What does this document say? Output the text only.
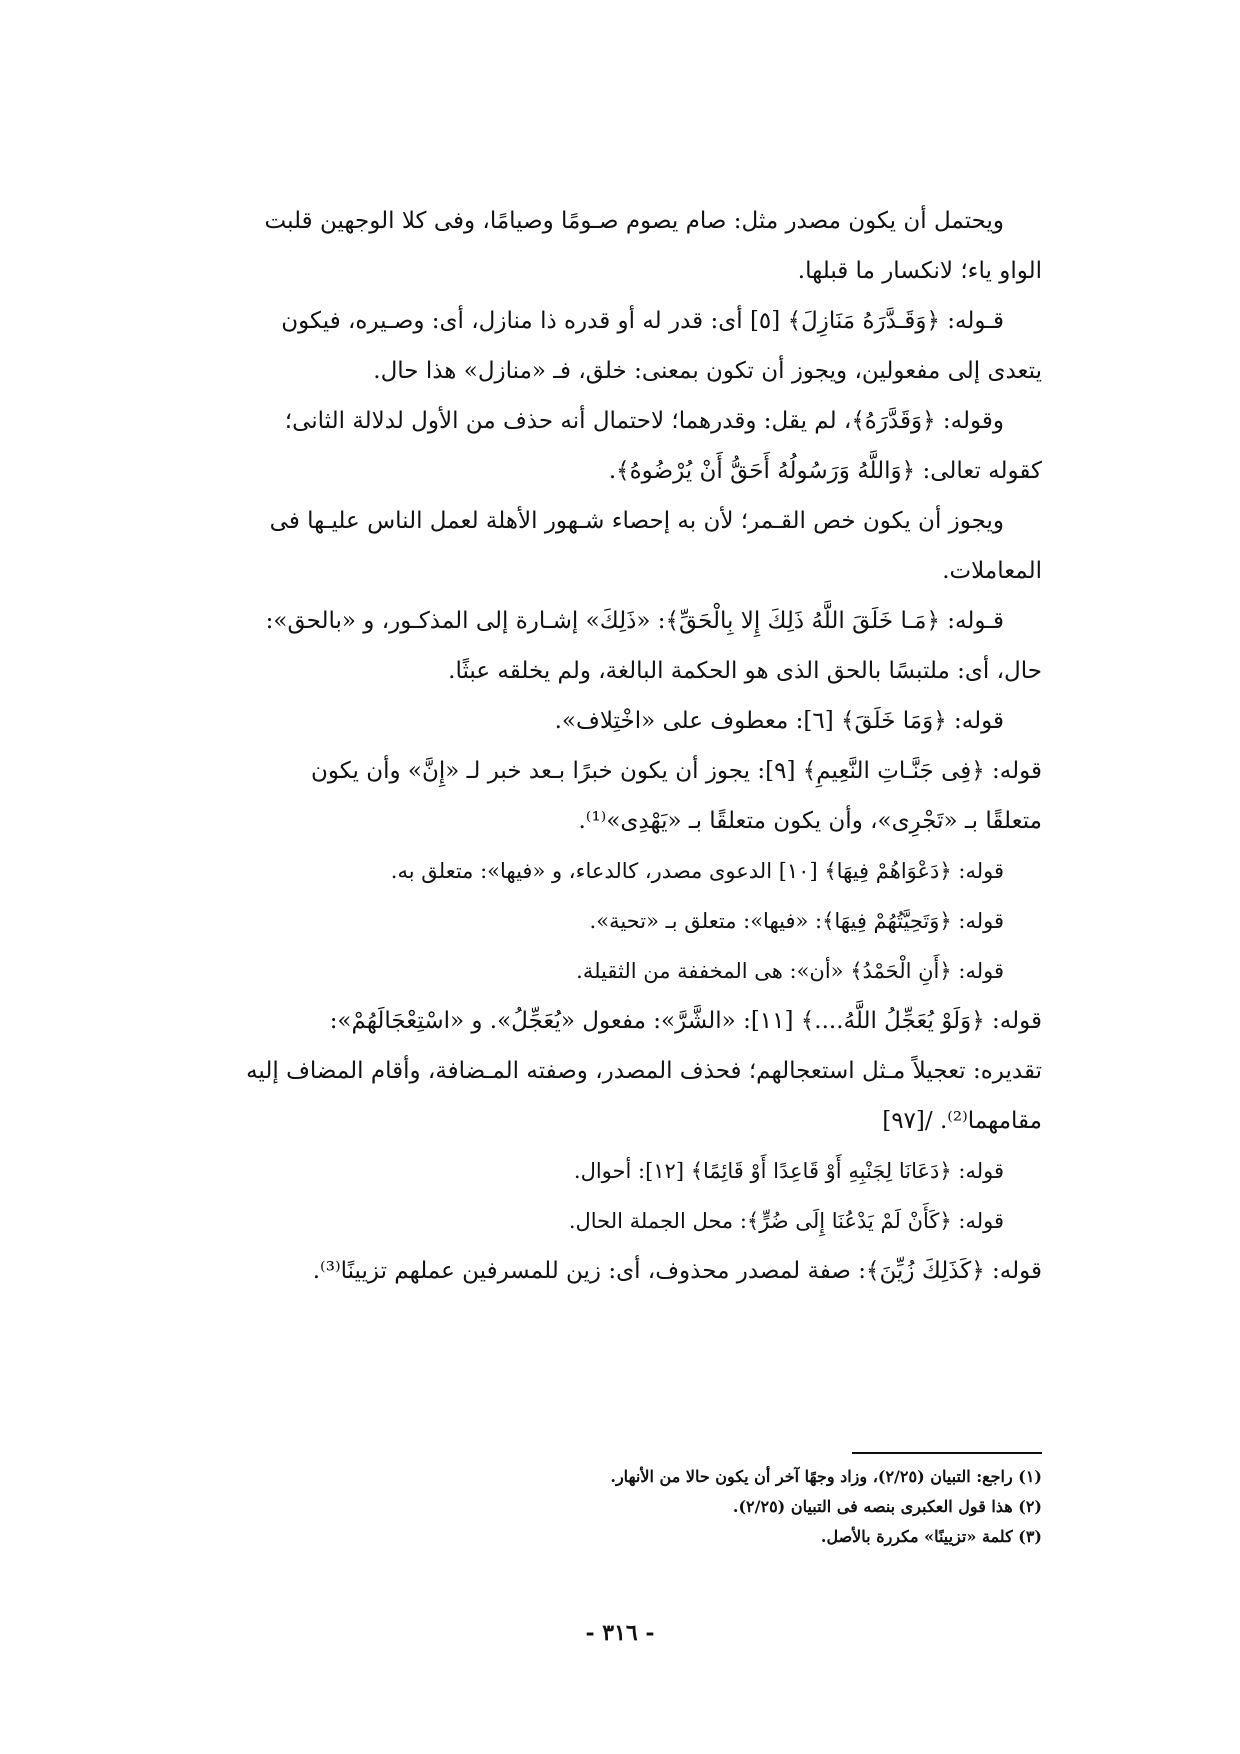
ويحتمل أن يكون مصدر مثل: صام يصوم صـومًا وصيامًا، وفى كلا الوجهين قلبت
الواو ياء؛ لانكسار ما قبلها.
قـوله: ﴿وَقَـدَّرَهُ مَنَازِلَ﴾ [٥] أى: قدر له أو قدره ذا منازل، أى: وصـيره، فيكون
يتعدى إلى مفعولين، ويجوز أن تكون بمعنى: خلق، فـ «منازل» هذا حال.
وقوله: ﴿وَقَدَّرَهُ﴾، لم يقل: وقدرهما؛ لاحتمال أنه حذف من الأول لدلالة الثانى؛
كقوله تعالى: ﴿وَاللَّهُ وَرَسُولُهُ أَحَقُّ أَنْ يُرْضُوهُ﴾.
ويجوز أن يكون خص القـمر؛ لأن به إحصاء شـهور الأهلة لعمل الناس عليـها فى
المعاملات.
قـوله: ﴿مَـا خَلَقَ اللَّهُ ذَلِكَ إِلا بِالْحَقِّ﴾: «ذَلِكَ» إشـارة إلى المذكـور، و «بالحق»:
حال، أى: ملتبسًا بالحق الذى هو الحكمة البالغة، ولم يخلقه عبثًا.
قوله: ﴿وَمَا خَلَقَ﴾ [٦]: معطوف على «اخْتِلاف».
قوله: ﴿فِى جَنَّـاتِ النَّعِيمِ﴾ [٩]: يجوز أن يكون خبرًا بـعد خبر لـ «إِنَّ» وأن يكون
متعلقًا بـ «تَجْرِى»، وأن يكون متعلقًا بـ «يَهْدِى»⁽¹⁾.
قوله: ﴿دَعْوَاهُمْ فِيهَا﴾ [١٠] الدعوى مصدر، كالدعاء، و «فيها»: متعلق به.
قوله: ﴿وَتَحِيَّتُهُمْ فِيهَا﴾: «فيها»: متعلق بـ «تحية».
قوله: ﴿أَنِ الْحَمْدُ﴾ «أن»: هى المخففة من الثقيلة.
قوله: ﴿وَلَوْ يُعَجِّلُ اللَّهُ....﴾ [١١]: «الشَّرَّ»: مفعول «يُعَجِّلُ». و «اسْتِعْجَالَهُمْ»:
تقديره: تعجيلاً مـثل استعجالهم؛ فحذف المصدر، وصفته المـضافة، وأقام المضاف إليه
مقامهما⁽²⁾. /[٩٧]
قوله: ﴿دَعَانَا لِجَنْبِهِ أَوْ قَاعِدًا أَوْ قَائِمًا﴾ [١٢]: أحوال.
قوله: ﴿كَأَنْ لَمْ يَدْعُنَا إِلَى ضُرٍّ﴾: محل الجملة الحال.
قوله: ﴿كَذَلِكَ زُيِّنَ﴾: صفة لمصدر محذوف، أى: زين للمسرفين عملهم تزيينًا⁽³⁾.
(١) راجع: التبيان (٢/٢٥)، وزاد وجهًا آخر أن يكون حالا من الأنهار.
(٢) هذا قول العكبرى بنصه فى التبيان (٢/٢٥).
(٣) كلمة «تزيينًا» مكررة بالأصل.
- ٣١٦ -
